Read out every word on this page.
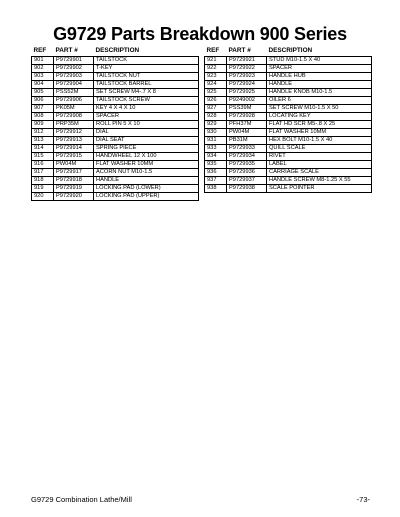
G9729 Parts Breakdown 900 Series
REF	PART #	DESCRIPTION
901	P9729901	TAILSTOCK
902	P9729902	T-KEY
903	P9729903	TAILSTOCK NUT
904	P9729904	TAILSTOCK BARREL
905	PSS52M	SET SCREW M4-.7 X 8
906	P9729906	TAILSTOCK SCREW
907	PK05M	KEY 4 X 4 X 10
908	P9729908	SPACER
909	PRP35M	ROLL PIN 5 X 10
912	P9729912	DIAL
913	P9729913	DIAL SEAT
914	P9729914	SPRING PIECE
915	P9729915	HANDWHEEL 12 X 100
916	PW04M	FLAT WASHER 10MM
917	P9729917	ACORN NUT M10-1.5
918	P9729918	HANDLE
919	P9729919	LOCKING PAD (LOWER)
920	P9729920	LOCKING PAD (UPPER)
REF	PART #	DESCRIPTION
921	P9729921	STUD M10-1.5 X 40
922	P9729922	SPACER
923	P9729923	HANDLE HUB
924	P9729924	HANDLE
925	P9729925	HANDLE KNOB M10-1.5
926	P9249002	OILER 6
927	PSS39M	SET SCREW M10-1.5 X 50
928	P9729928	LOCATING KEY
929	PFH37M	FLAT HD SCR M5-.8 X 25
930	PW04M	FLAT WASHER 10MM
931	PB31M	HEX BOLT M10-1.5 X 40
933	P9729933	QUILL SCALE
934	P9729934	RIVET
935	P9729935	LABEL
936	P9729936	CARRIAGE SCALE
937	P9729937	HANDLE SCREW M8-1.25 X 55
938	P9729938	SCALE POINTER
G9729 Combination Lathe/Mill	-73-
